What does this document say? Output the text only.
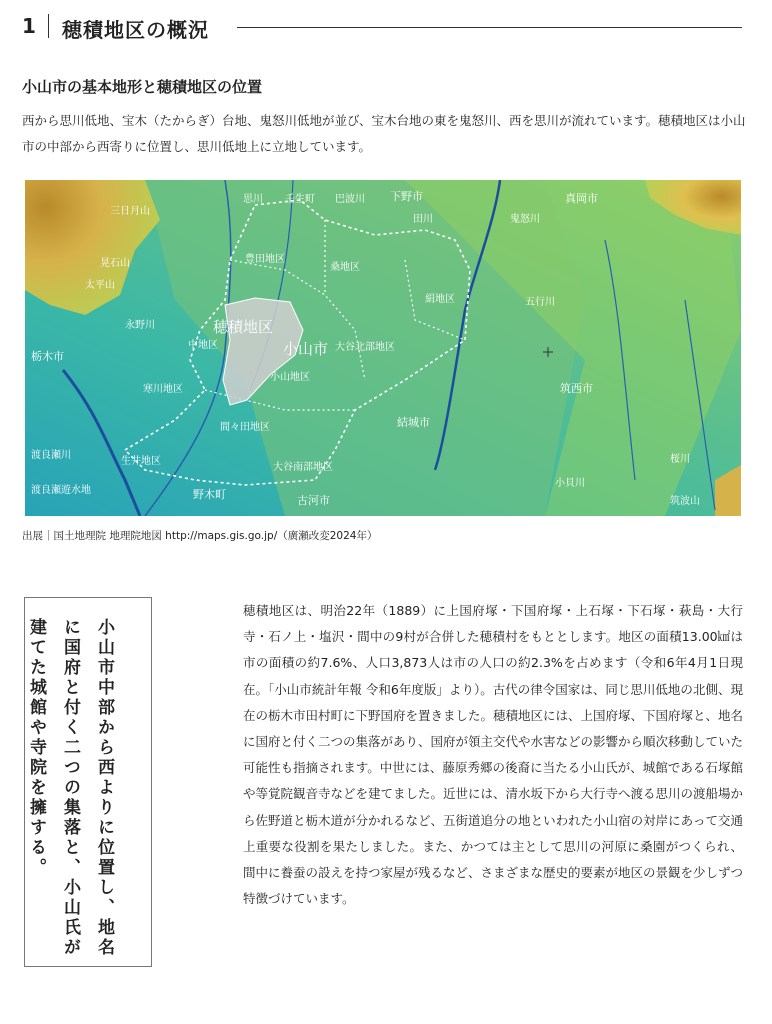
1 穂積地区の概況
小山市の基本地形と穂積地区の位置
西から思川低地、宝木（たからぎ）台地、鬼怒川低地が並び、宝木台地の東を鬼怒川、西を思川が流れています。穂積地区は小山市の中部から西寄りに位置し、思川低地上に立地しています。
壬生町
三日月山
晃石山
太平山
栃木市
永野川
思川	巴波川 下野市
田川	鬼怒川
真岡市
豊田地区
桑地区
絹地区	五行川
穂積地区
中地区	小山市 大谷北部地区
小山地区
寒川地区	筑西市
間々田地区	結城市
渡良瀬川
生井地区
大谷南部地区
桜川
小貝川
渡良瀬遊水地	野木町	古河市	筑波山
出展｜国土地理院 地理院地図 http://maps.gis.go.jp/（廣瀬改変2024年）
小山市中部から西よりに位置し、地名に国府と付く二つの集落と、小山氏が建てた城館や寺院を擁する。
穂積地区は、明治22年（1889）に上国府塚・下国府塚・上石塚・下石塚・萩島・大行寺・石ノ上・塩沢・間中の9村が合併した穂積村をもととします。地区の面積13.00㎢は市の面積の約7.6%、人口3,873人は市の人口の約2.3%を占めます（令和6年4月1日現在。「小山市統計年報 令和6年度版」より）。古代の律令国家は、同じ思川低地の北側、現在の栃木市田村町に下野国府を置きました。穂積地区には、上国府塚、下国府塚と、地名に国府と付く二つの集落があり、国府が領主交代や水害などの影響から順次移動していた可能性も指摘されます。中世には、藤原秀郷の後裔に当たる小山氏が、城館である石塚館や等覚院観音寺などを建てました。近世には、清水坂下から大行寺へ渡る思川の渡船場から佐野道と栃木道が分かれるなど、五街道追分の地といわれた小山宿の対岸にあって交通上重要な役割を果たしました。また、かつては主として思川の河原に桑園がつくられ、間中に養蚕の設えを持つ家屋が残るなど、さまざまな歴史的要素が地区の景観を少しずつ特徴づけています。
